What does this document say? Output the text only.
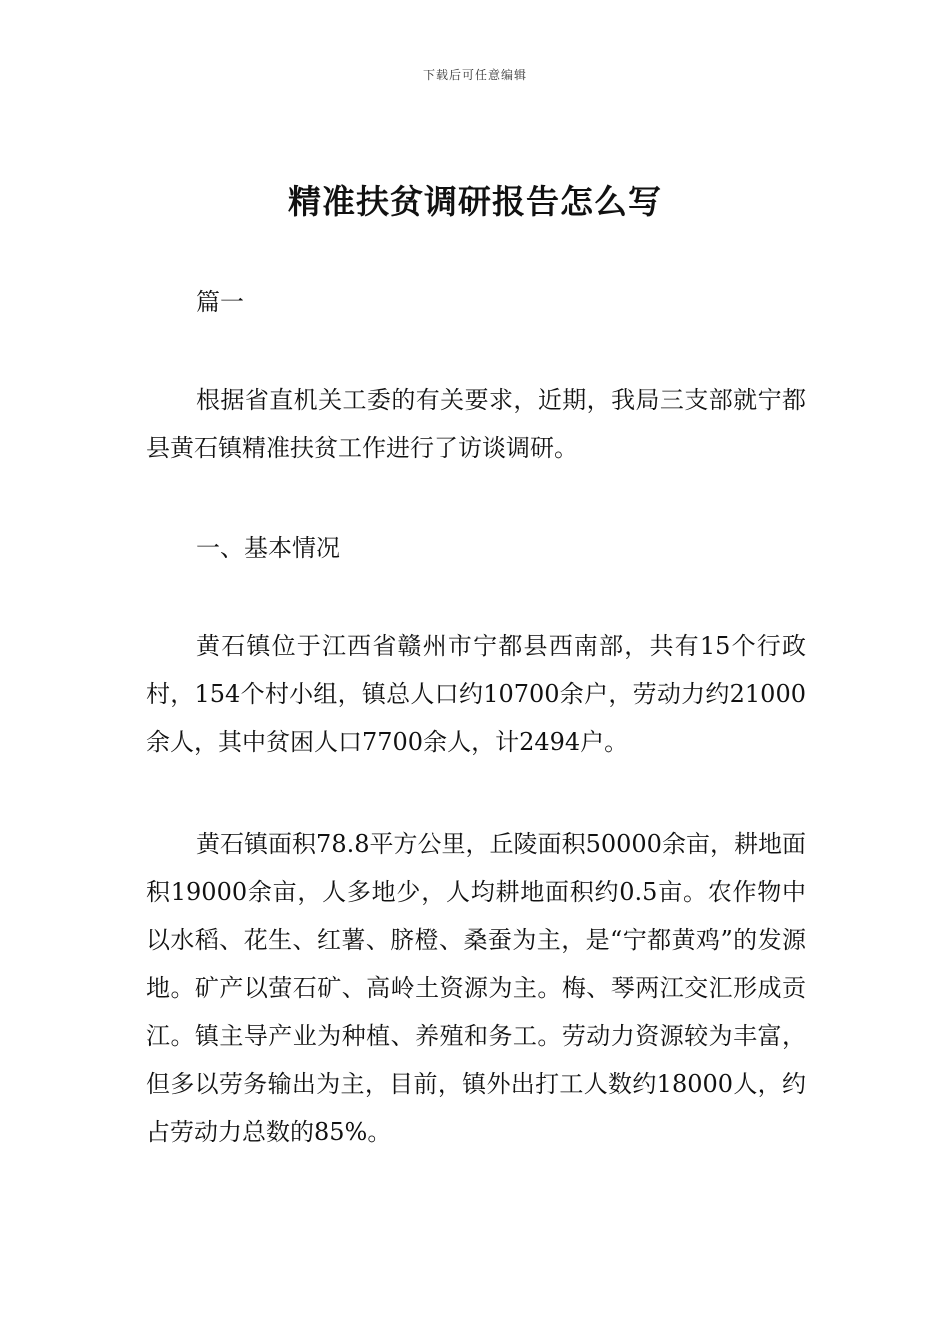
下载后可任意编辑
精准扶贫调研报告怎么写

篇一

根据省直机关工委的有关要求，近期，我局三支部就宁都县黄石镇精准扶贫工作进行了访谈调研。

一、基本情况

黄石镇位于江西省赣州市宁都县西南部，共有15个行政村，154个村小组，镇总人口约10700余户，劳动力约21000余人，其中贫困人口7700余人，计2494户。

黄石镇面积78.8平方公里，丘陵面积50000余亩，耕地面积19000余亩，人多地少，人均耕地面积约0.5亩。农作物中以水稻、花生、红薯、脐橙、桑蚕为主，是“宁都黄鸡”的发源地。矿产以萤石矿、高岭土资源为主。梅、琴两江交汇形成贡江。镇主导产业为种植、养殖和务工。劳动力资源较为丰富，但多以劳务输出为主，目前，镇外出打工人数约18000人，约占劳动力总数的85%。
